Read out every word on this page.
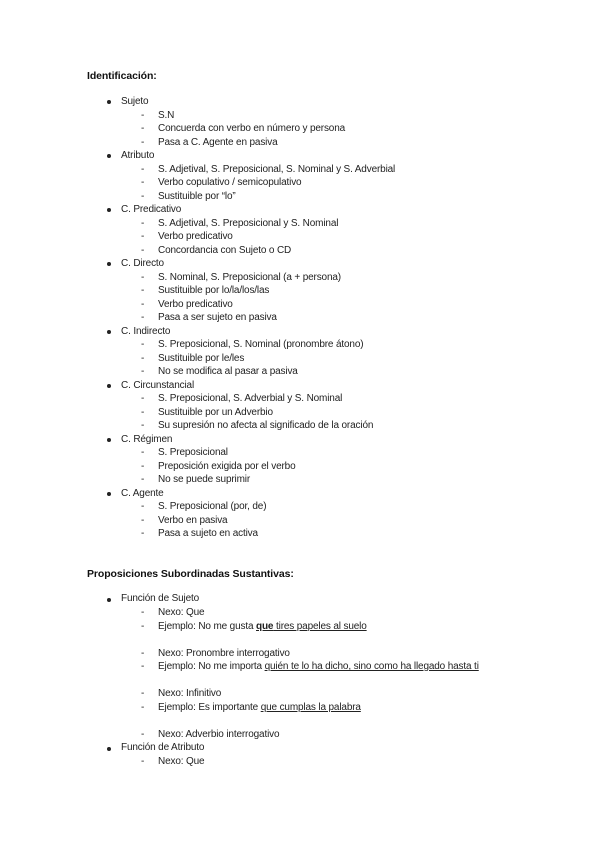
Identificación:
Sujeto
- S.N
- Concuerda con verbo en número y persona
- Pasa a C. Agente en pasiva
Atributo
- S. Adjetival, S. Preposicional, S. Nominal y S. Adverbial
- Verbo copulativo / semicopulativo
- Sustituible por “lo”
C. Predicativo
- S. Adjetival, S. Preposicional y S. Nominal
- Verbo predicativo
- Concordancia con Sujeto o CD
C. Directo
- S. Nominal, S. Preposicional (a + persona)
- Sustituible por lo/la/los/las
- Verbo predicativo
- Pasa a ser sujeto en pasiva
C. Indirecto
- S. Preposicional, S. Nominal (pronombre átono)
- Sustituible por le/les
- No se modifica al pasar a pasiva
C. Circunstancial
- S. Preposicional, S. Adverbial y S. Nominal
- Sustituible por un Adverbio
- Su supresión no afecta al significado de la oración
C. Régimen
- S. Preposicional
- Preposición exigida por el verbo
- No se puede suprimir
C. Agente
- S. Preposicional (por, de)
- Verbo en pasiva
- Pasa a sujeto en activa
Proposiciones Subordinadas Sustantivas:
Función de Sujeto
- Nexo: Que
- Ejemplo: No me gusta que tires papeles al suelo
- Nexo: Pronombre interrogativo
- Ejemplo: No me importa quién te lo ha dicho, sino como ha llegado hasta ti
- Nexo: Infinitivo
- Ejemplo: Es importante que cumplas la palabra
- Nexo: Adverbio interrogativo
Función de Atributo
- Nexo: Que
